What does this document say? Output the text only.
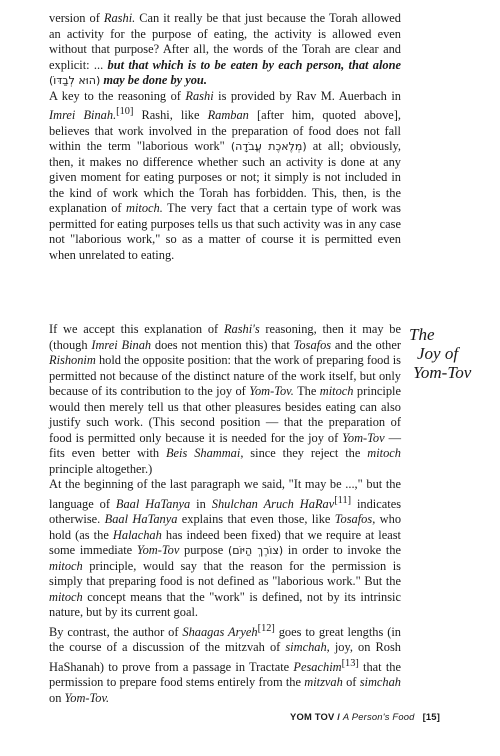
version of Rashi. Can it really be that just because the Torah allowed an activity for the purpose of eating, the activity is allowed even without that purpose? After all, the words of the Torah are clear and explicit: ... but that which is to be eaten by each person, that alone (הוּא לְבַדּוֹ) may be done by you.

A key to the reasoning of Rashi is provided by Rav M. Auerbach in Imrei Binah.[10] Rashi, like Ramban [after him, quoted above], believes that work involved in the preparation of food does not fall within the term "laborious work" (מְלֶאכֶת עֲבֹדָה) at all; obviously, then, it makes no difference whether such an activity is done at any given moment for eating purposes or not; it simply is not included in the kind of work which the Torah has forbidden. This, then, is the explanation of mitoch. The very fact that a certain type of work was permitted for eating purposes tells us that such activity was in any case not "laborious work," so as a matter of course it is permitted even when unrelated to eating.

The
Joy of
Yom-Tov

If we accept this explanation of Rashi's reasoning, then it may be (though Imrei Binah does not mention this) that Tosafos and the other Rishonim hold the opposite position: that the work of preparing food is permitted not because of the distinct nature of the work itself, but only because of its contribution to the joy of Yom-Tov. The mitoch principle would then merely tell us that other pleasures besides eating can also justify such work. (This second position — that the preparation of food is permitted only because it is needed for the joy of Yom-Tov — fits even better with Beis Shammai, since they reject the mitoch principle altogether.)

At the beginning of the last paragraph we said, "It may be ...," but the language of Baal HaTanya in Shulchan Aruch HaRav[11] indicates otherwise. Baal HaTanya explains that even those, like Tosafos, who hold (as the Halachah has indeed been fixed) that we require at least some immediate Yom-Tov purpose (צוֹרֶךְ הַיּוֹם) in order to invoke the mitoch principle, would say that the reason for the permission is simply that preparing food is not defined as "laborious work." But the mitoch concept means that the "work" is defined, not by its intrinsic nature, but by its current goal.

By contrast, the author of Shaagas Aryeh[12] goes to great lengths (in the course of a discussion of the mitzvah of simchah, joy, on Rosh HaShanah) to prove from a passage in Tractate Pesachim[13] that the permission to prepare food stems entirely from the mitzvah of simchah on Yom-Tov.

YOM TOV / A Person's Food [15]
